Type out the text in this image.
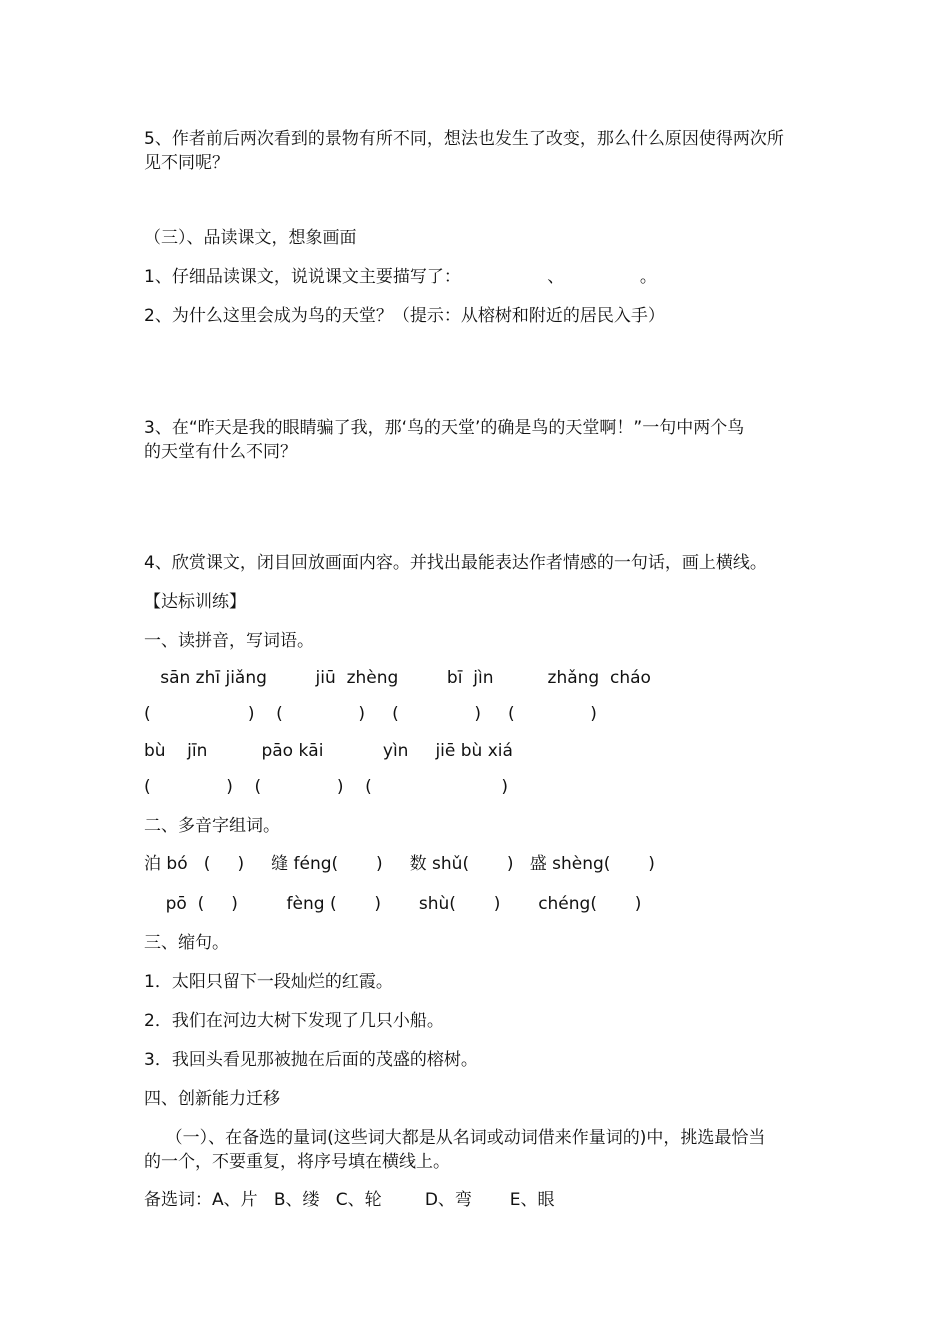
5、作者前后两次看到的景物有所不同，想法也发生了改变，那么什么原因使得两次所

见不同呢？

（三）、品读课文，想象画面

1、仔细品读课文，说说课文主要描写了：                、              。

2、为什么这里会成为鸟的天堂？（提示：从榕树和附近的居民入手）

3、在“昨天是我的眼睛骗了我，那‘鸟的天堂’的确是鸟的天堂啊！”一句中两个鸟

的天堂有什么不同？

4、欣赏课文，闭目回放画面内容。并找出最能表达作者情感的一句话，画上横线。

【达标训练】

一、读拼音，写词语。

sān zhī jiǎng         jiū  zhèng         bī  jìn          zhǎng  cháo

(                  )    (              )     (              )     (              )

bù    jīn          pāo kāi           yìn     jiē bù xiá

(              )    (              )    (                        )

二、多音字组词。

泊 bó   (     )     缝 féng(       )     数 shǔ(       )   盛 shèng(       )

pō  (     )         fèng (       )       shù(       )       chéng(       )

三、缩句。

1．太阳只留下一段灿烂的红霞。

2．我们在河边大树下发现了几只小船。

3．我回头看见那被抛在后面的茂盛的榕树。

四、创新能力迁移

（一）、在备选的量词(这些词大都是从名词或动词借来作量词的)中，挑选最恰当

的一个，不要重复，将序号填在横线上。

备选词：A、片   B、缕   C、轮        D、弯       E、眼
